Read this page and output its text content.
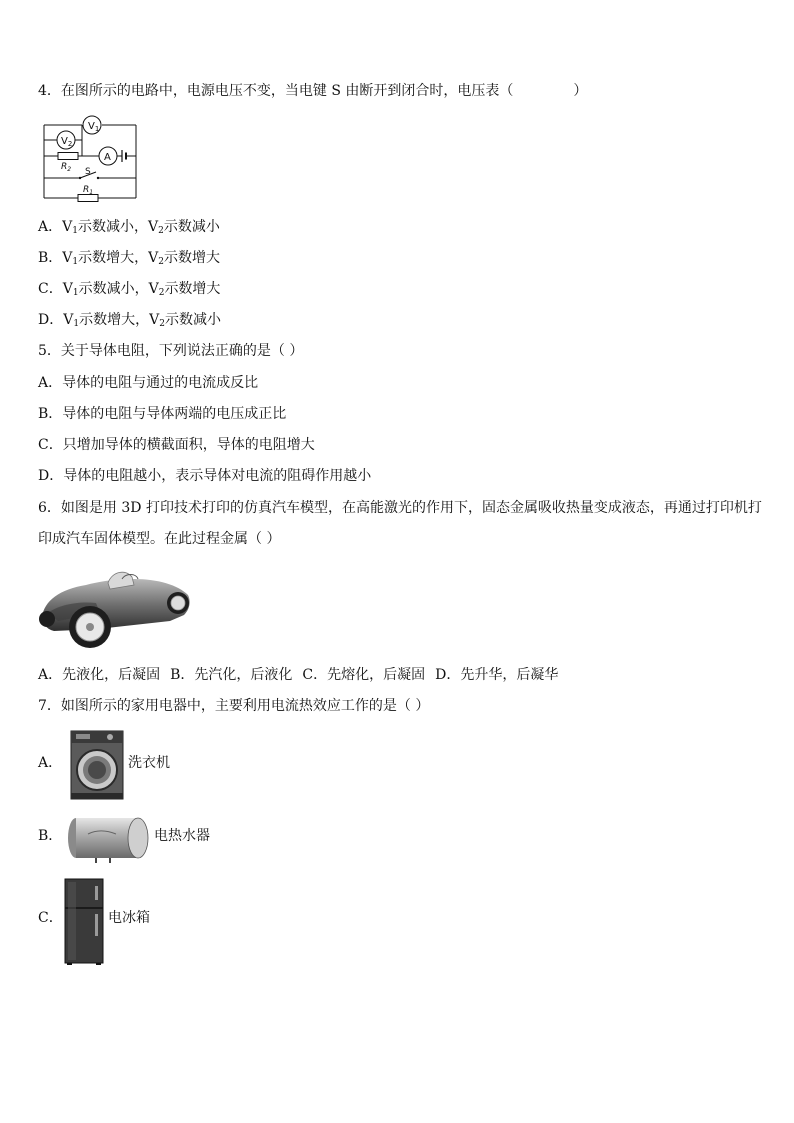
4．在图所示的电路中，电源电压不变，当电键 S 由断开到闭合时，电压表（	）
$V_1$
$V_2$
A
$R_2$ S
$R_1$
A．$V_1$示数减小，$V_2$示数减小
B．$V_1$示数增大，$V_2$示数增大
C．$V_1$示数减小，$V_2$示数增大
D．$V_1$示数增大，$V_2$示数减小
5．关于导体电阻，下列说法正确的是（ ）
A．导体的电阻与通过的电流成反比
B．导体的电阻与导体两端的电压成正比
C．只增加导体的横截面积，导体的电阻增大
D．导体的电阻越小，表示导体对电流的阻碍作用越小
6．如图是用 3D 打印技术打印的仿真汽车模型，在高能激光的作用下，固态金属吸收热量变成液态，再通过打印机打
印成汽车固体模型。在此过程金属（ ）
A．先液化，后凝固 B．先汽化，后液化 C．先熔化，后凝固 D．先升华，后凝华
7．如图所示的家用电器中，主要利用电流热效应工作的是（ ）
A．	洗衣机
B．	电热水器
C．	电冰箱
